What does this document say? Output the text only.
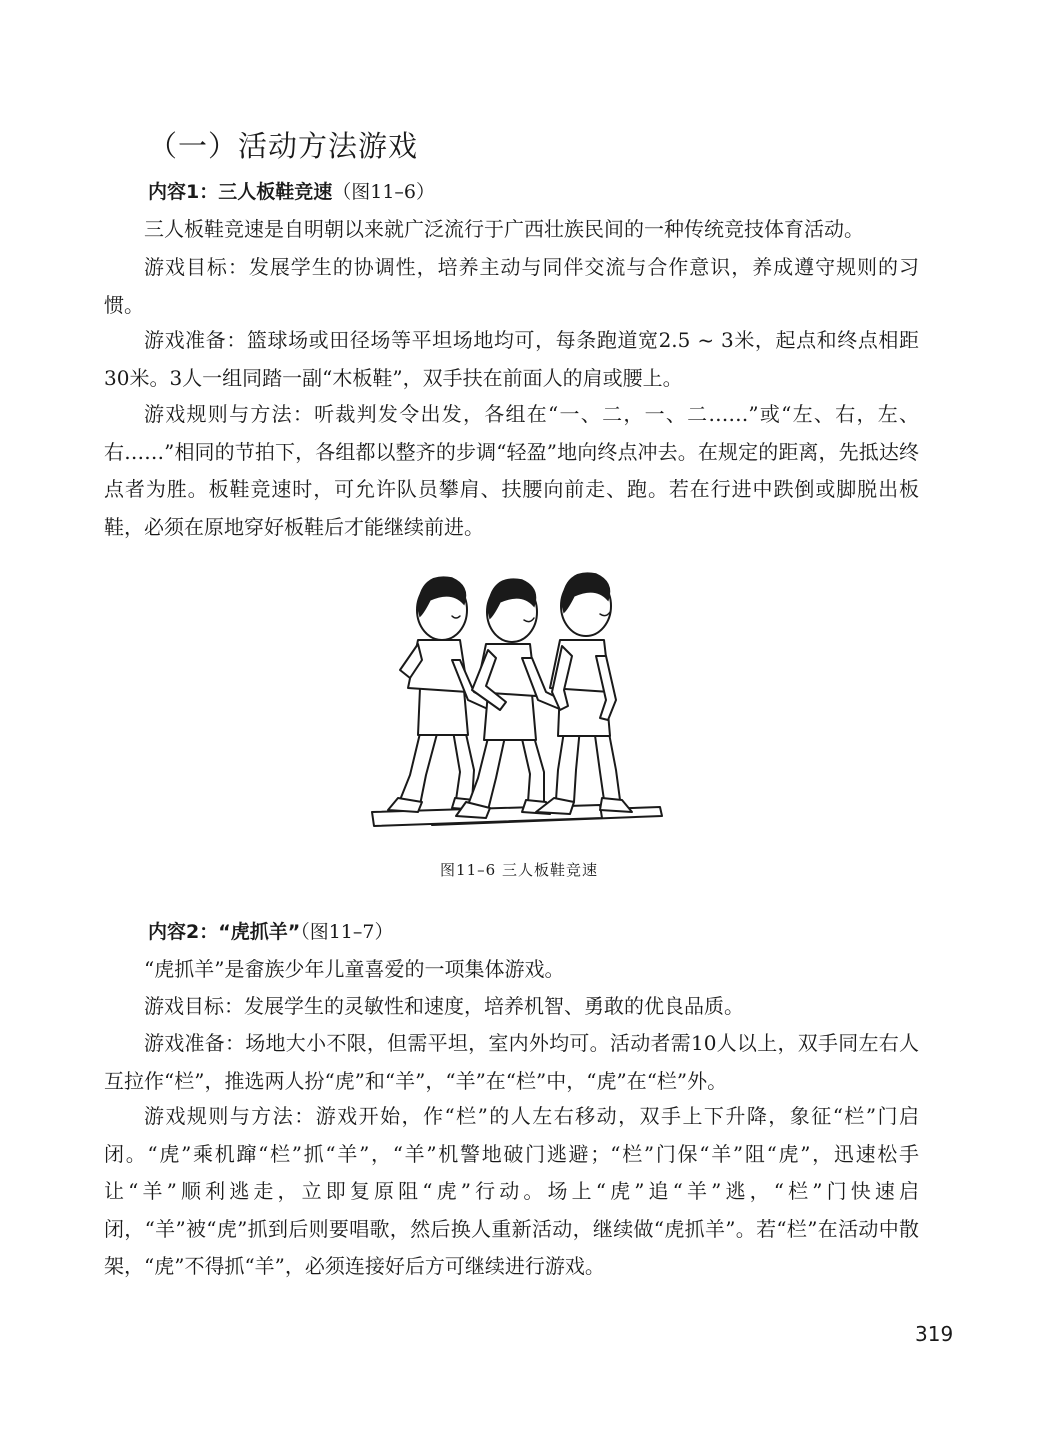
（一）活动方法游戏
内容1：三人板鞋竞速（图11–6）
三人板鞋竞速是自明朝以来就广泛流行于广西壮族民间的一种传统竞技体育活动。
游戏目标：发展学生的协调性，培养主动与同伴交流与合作意识，养成遵守规则的习惯。
游戏准备：篮球场或田径场等平坦场地均可，每条跑道宽2.5 ~ 3米，起点和终点相距30米。3人一组同踏一副“木板鞋”，双手扶在前面人的肩或腰上。
游戏规则与方法：听裁判发令出发，各组在“一、二，一、二……”或“左、右，左、右……”相同的节拍下，各组都以整齐的步调“轻盈”地向终点冲去。在规定的距离，先抵达终点者为胜。板鞋竞速时，可允许队员攀肩、扶腰向前走、跑。若在行进中跌倒或脚脱出板鞋，必须在原地穿好板鞋后才能继续前进。
图11–6 三人板鞋竞速
内容2：“虎抓羊”（图11–7）
“虎抓羊”是畲族少年儿童喜爱的一项集体游戏。
游戏目标：发展学生的灵敏性和速度，培养机智、勇敢的优良品质。
游戏准备：场地大小不限，但需平坦，室内外均可。活动者需10人以上，双手同左右人互拉作“栏”，推选两人扮“虎”和“羊”，“羊”在“栏”中，“虎”在“栏”外。
游戏规则与方法：游戏开始，作“栏”的人左右移动，双手上下升降，象征“栏”门启闭。“虎”乘机蹿“栏”抓“羊”，“羊”机警地破门逃避；“栏”门保“羊”阻“虎”，迅速松手让“羊”顺利逃走，立即复原阻“虎”行动。场上“虎”追“羊”逃，“栏”门快速启闭，“羊”被“虎”抓到后则要唱歌，然后换人重新活动，继续做“虎抓羊”。若“栏”在活动中散架，“虎”不得抓“羊”，必须连接好后方可继续进行游戏。
319
